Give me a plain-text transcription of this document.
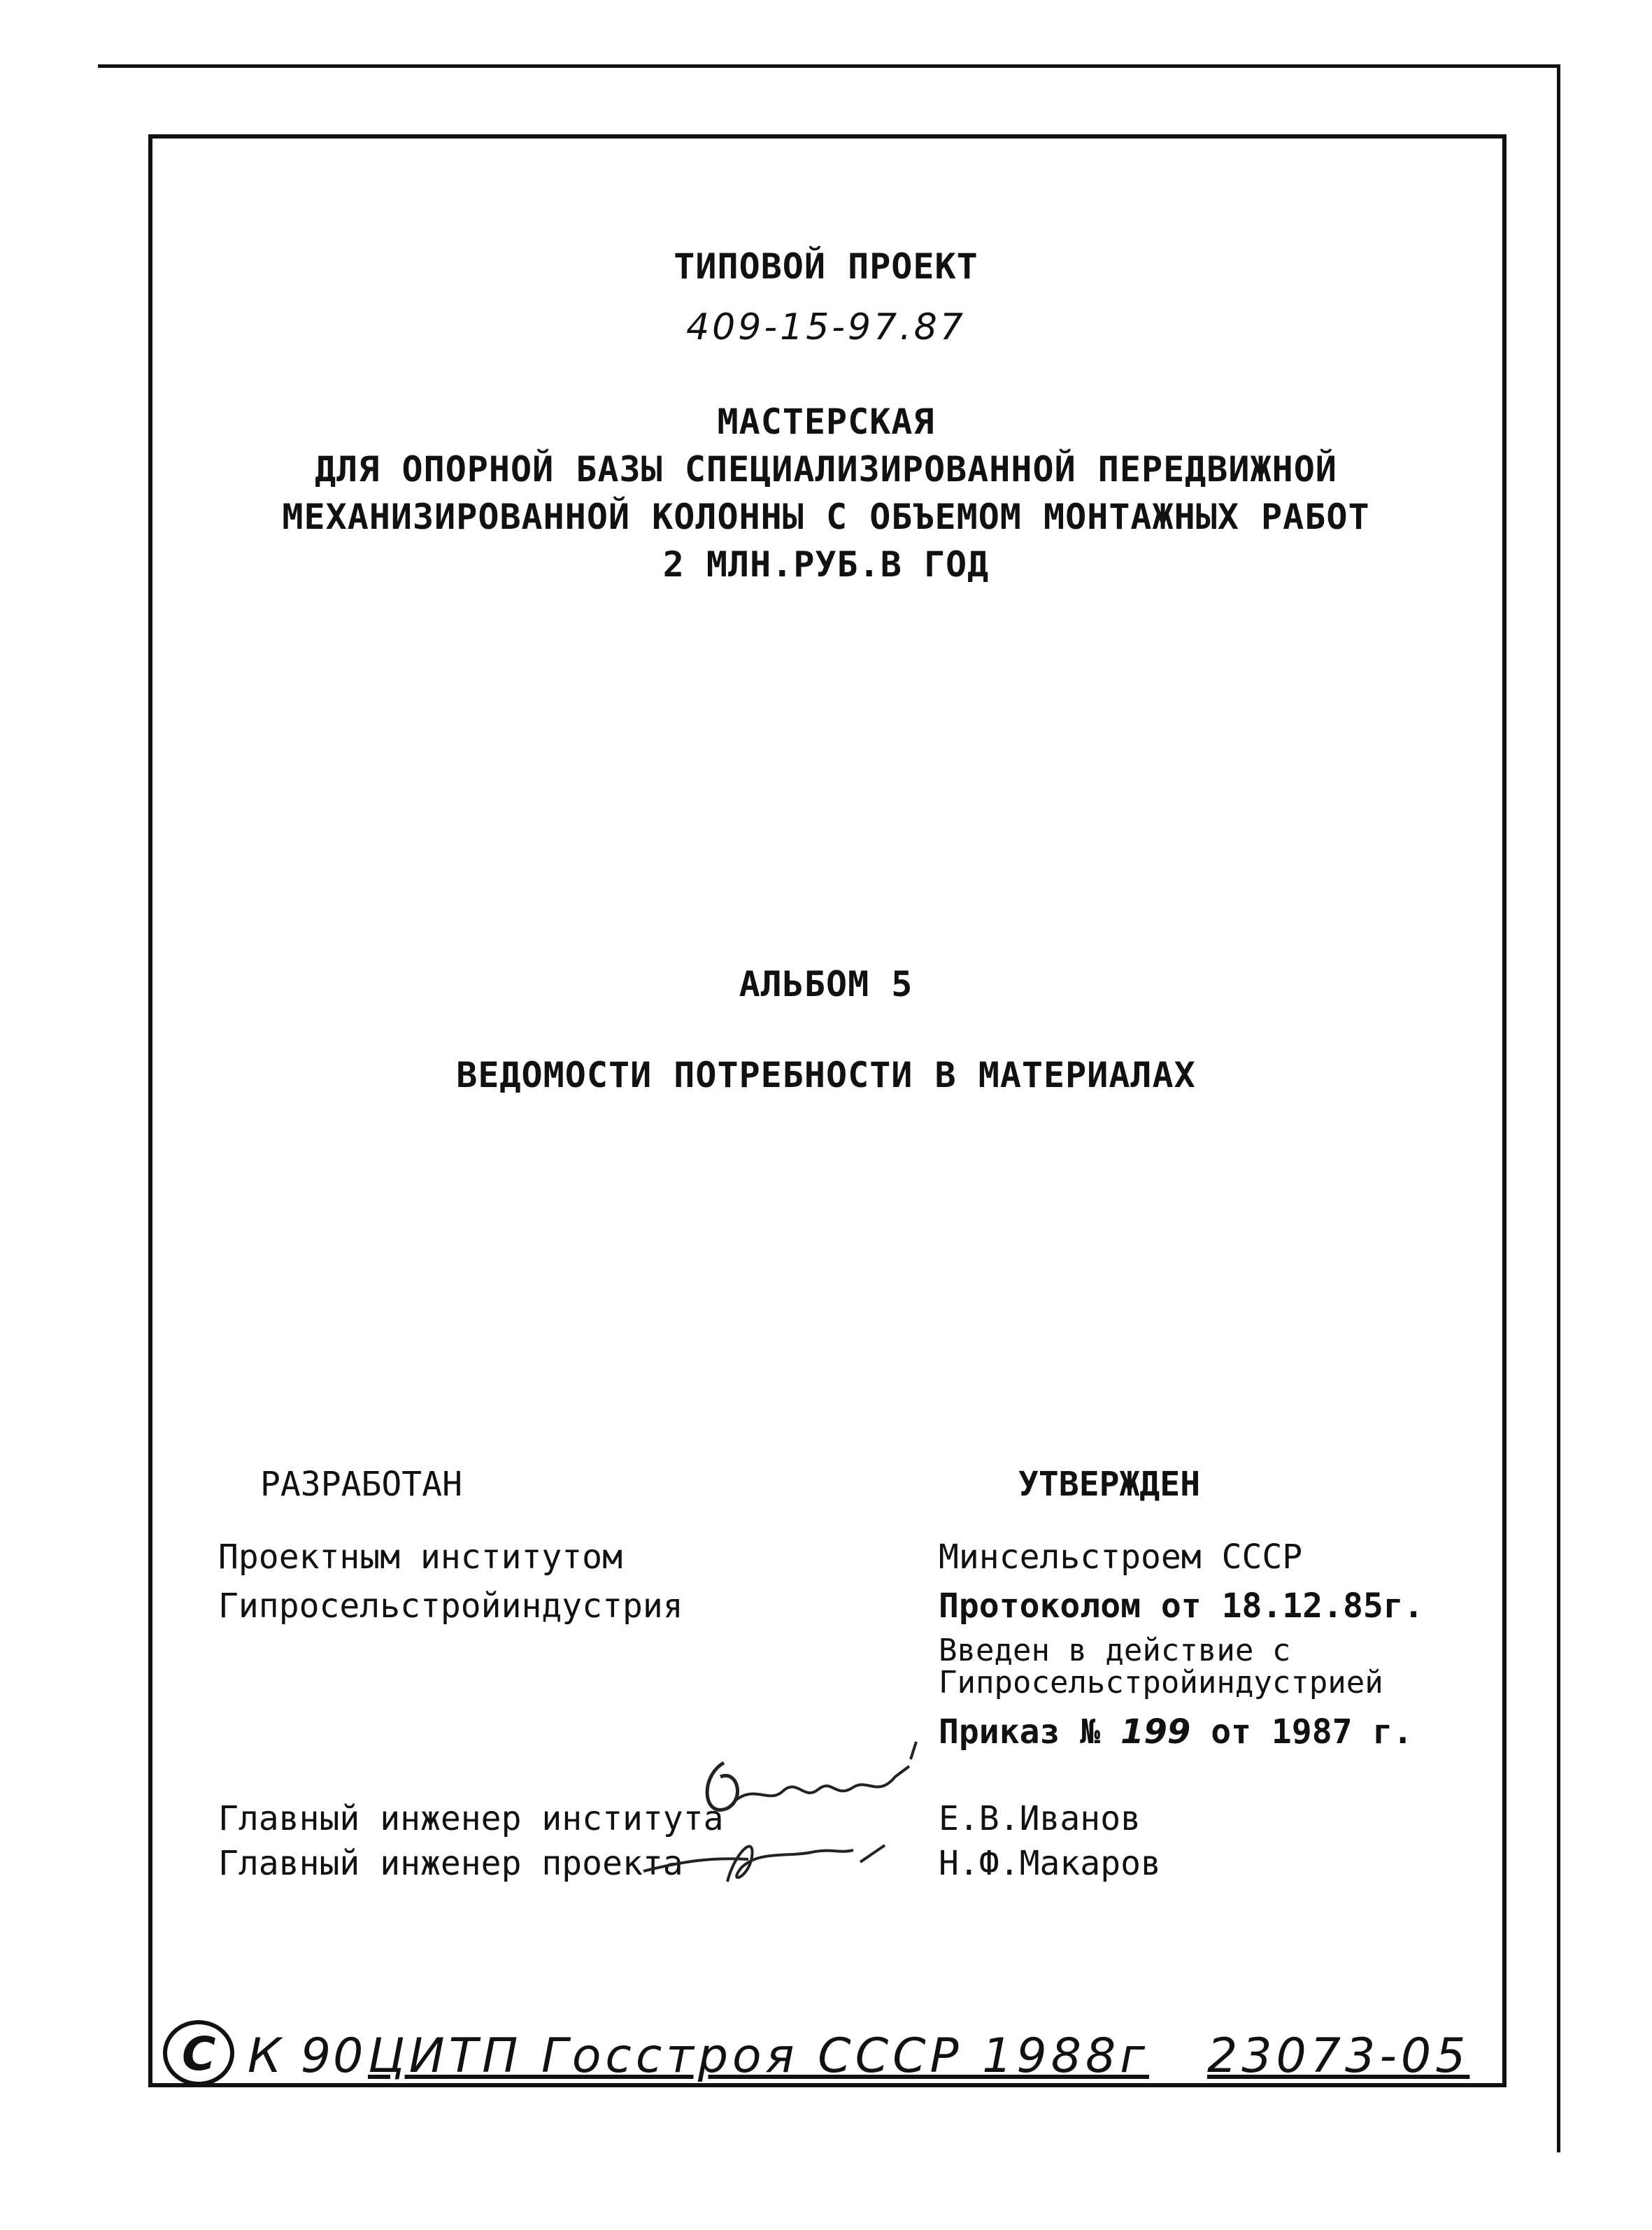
ТИПОВОЙ ПРОЕКТ
409-15-97.87
МАСТЕРСКАЯ
ДЛЯ ОПОРНОЙ БАЗЫ СПЕЦИАЛИЗИРОВАННОЙ ПЕРЕДВИЖНОЙ
МЕХАНИЗИРОВАННОЙ КОЛОННЫ С ОБЪЕМОМ МОНТАЖНЫХ РАБОТ
2 МЛН.РУБ.В ГОД
АЛЬБОМ 5
ВЕДОМОСТИ ПОТРЕБНОСТИ В МАТЕРИАЛАХ
РАЗРАБОТАН
Проектным институтом
Гипросельстройиндустрия
УТВЕРЖДЕН
Минсельстроем СССР
Протоколом от 18.12.85г.
Введен в действие с
Гипросельстройиндустрией
Приказ № 199 от 1987 г.
Главный инженер института	Е.В.Иванов
Главный инженер проекта	Н.Ф.Макаров
С К 90 ЦИТП Госстроя СССР 1988г 23073-05
